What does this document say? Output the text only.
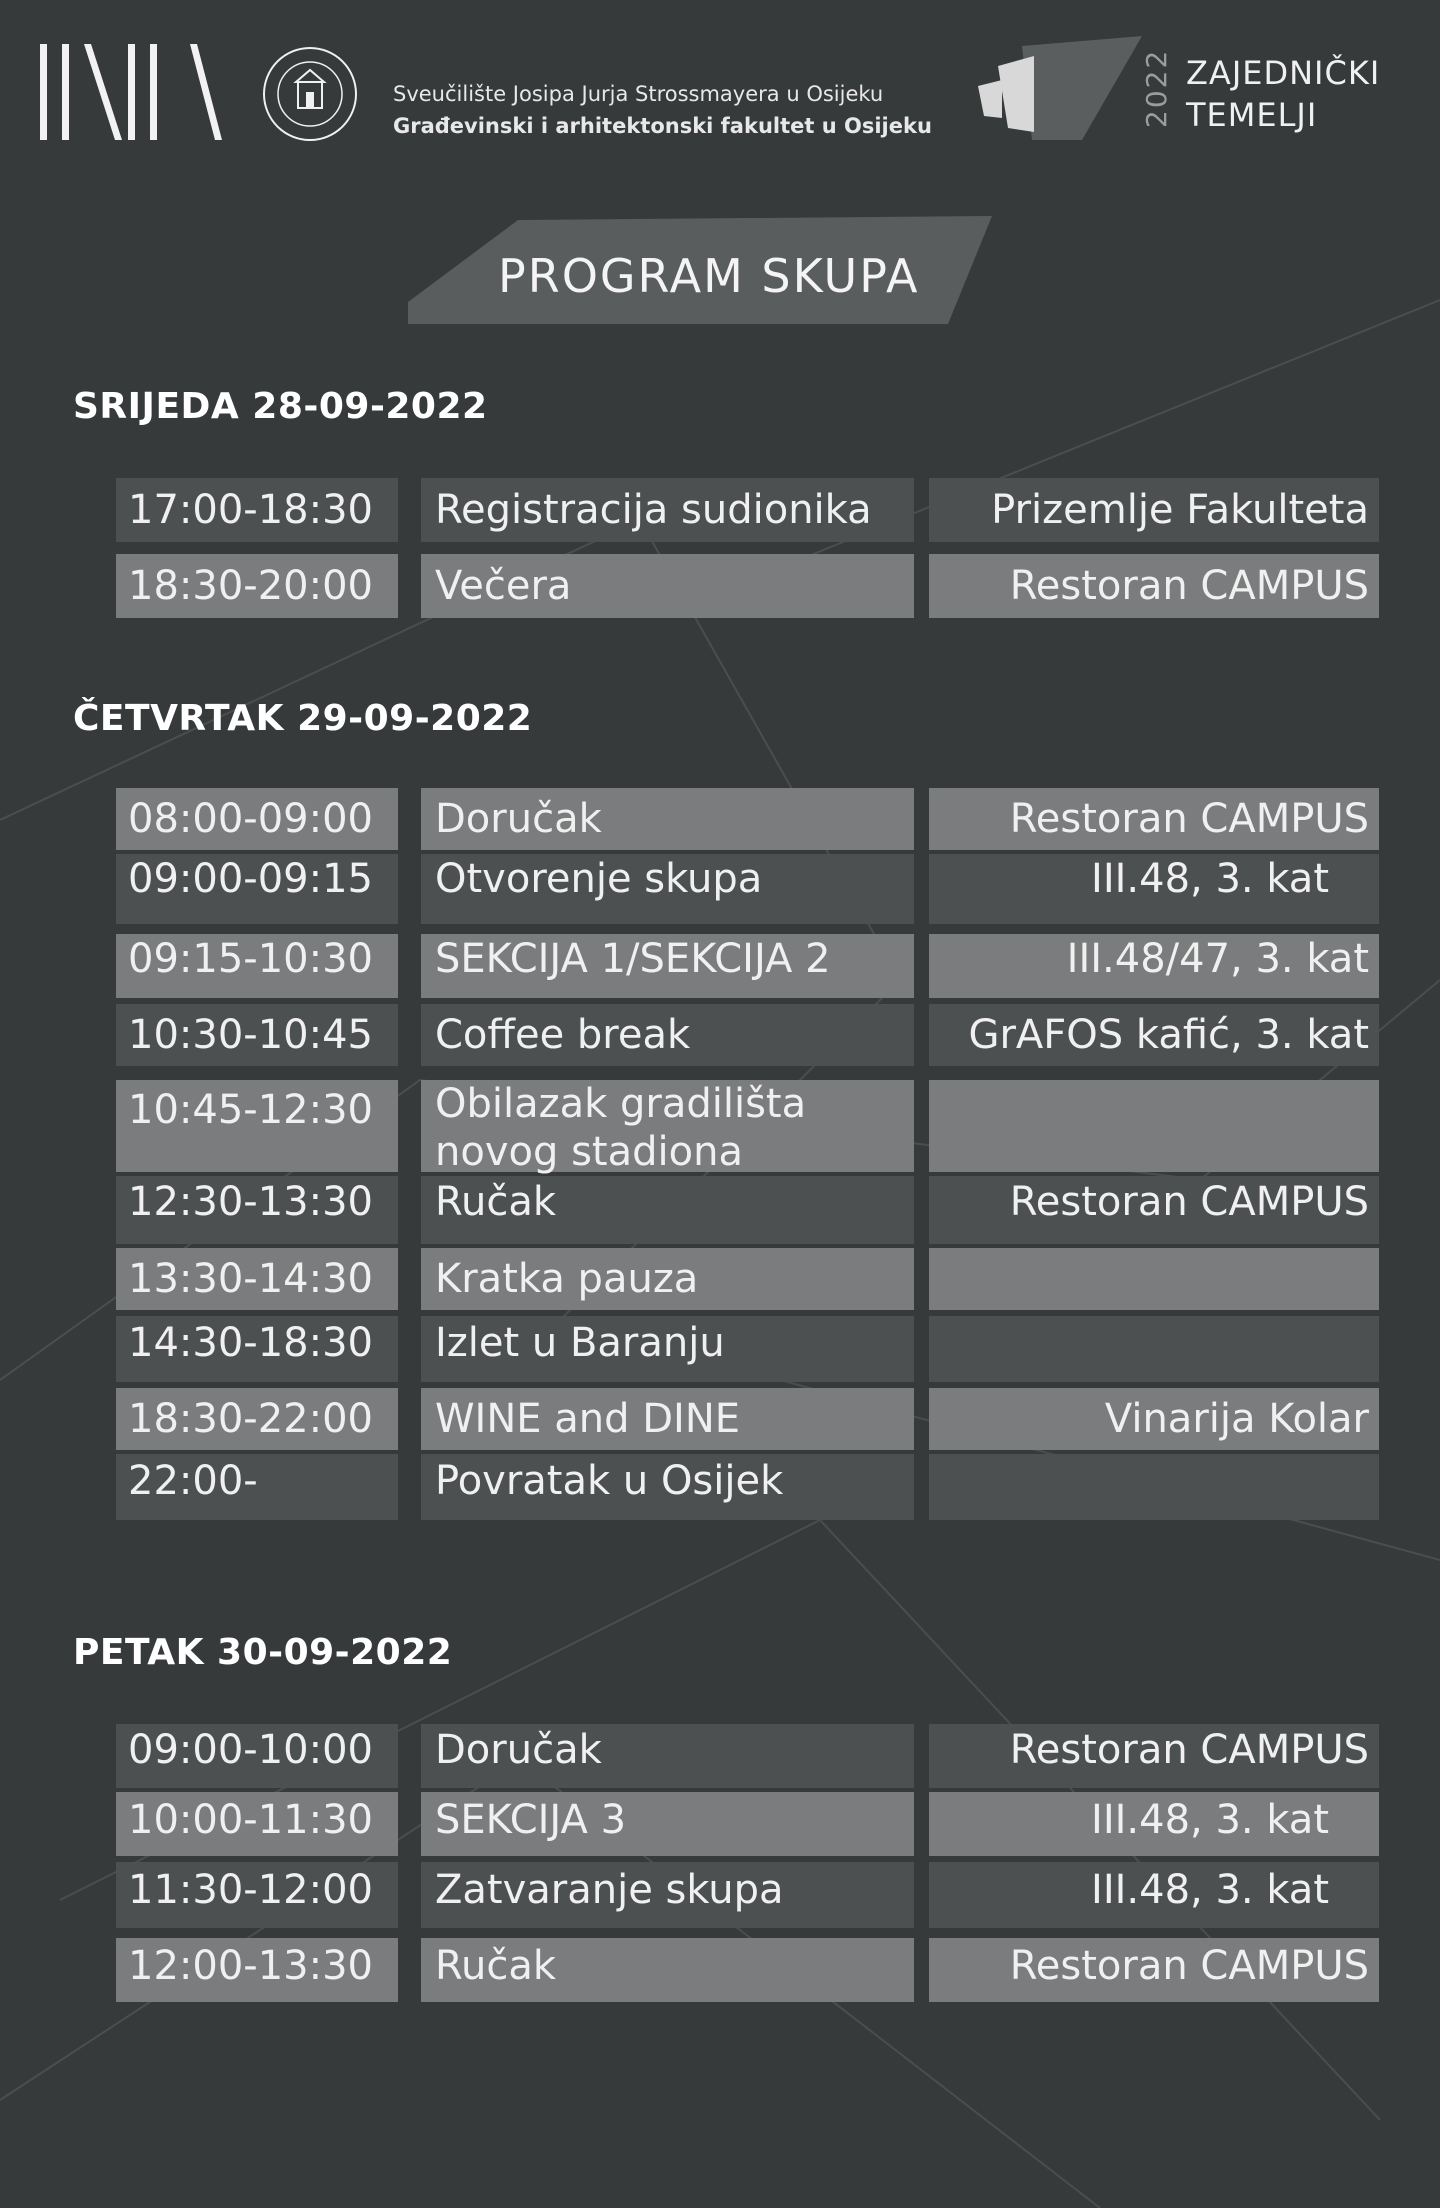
Sveučilište Josipa Jurja Strossmayera u Osijeku
Građevinski i arhitektonski fakultet u Osijeku	2022 ZAJEDNIČKI
TEMELJI
PROGRAM SKUPA
SRIJEDA 28-09-2022
17:00-18:30	Registracija sudionika	Prizemlje Fakulteta
18:30-20:00	Večera	Restoran CAMPUS
ČETVRTAK 29-09-2022
08:00-09:00	Doručak	Restoran CAMPUS
09:00-09:15	Otvorenje skupa	III.48, 3. kat
09:15-10:30	SEKCIJA 1/SEKCIJA 2	III.48/47, 3. kat
10:30-10:45	Coffee break	GrAFOS kafić, 3. kat
10:45-12:30	Obilazak gradilišta novog stadiona
12:30-13:30	Ručak	Restoran CAMPUS
13:30-14:30	Kratka pauza
14:30-18:30	Izlet u Baranju
18:30-22:00	WINE and DINE	Vinarija Kolar
22:00-	Povratak u Osijek
PETAK 30-09-2022
09:00-10:00	Doručak	Restoran CAMPUS
10:00-11:30	SEKCIJA 3	III.48, 3. kat
11:30-12:00	Zatvaranje skupa	III.48, 3. kat
12:00-13:30	Ručak	Restoran CAMPUS
